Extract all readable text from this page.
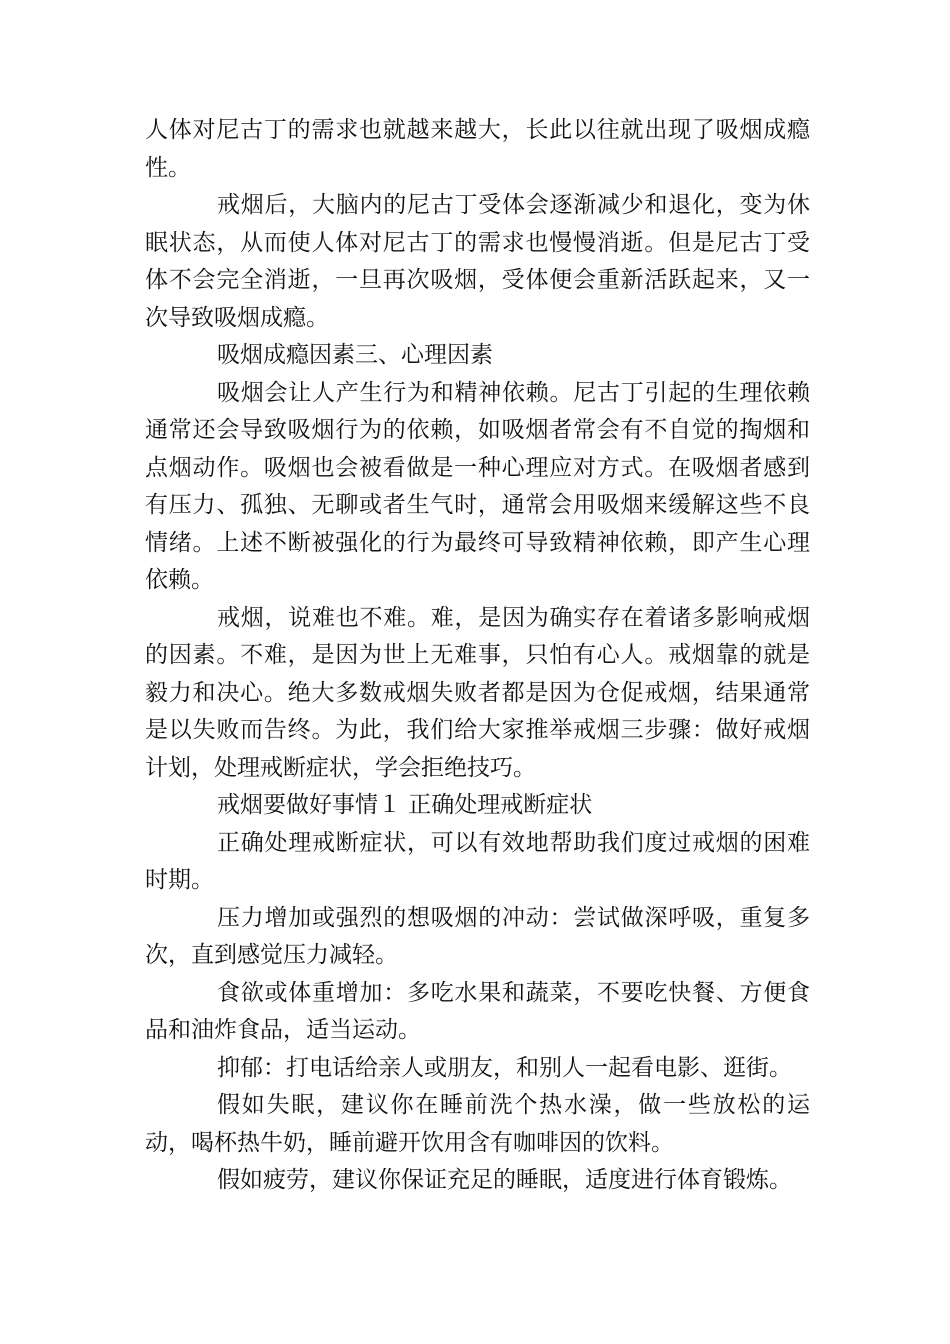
人体对尼古丁的需求也就越来越大，长此以往就出现了吸烟成瘾性。

戒烟后，大脑内的尼古丁受体会逐渐减少和退化，变为休眠状态，从而使人体对尼古丁的需求也慢慢消逝。但是尼古丁受体不会完全消逝，一旦再次吸烟，受体便会重新活跃起来，又一次导致吸烟成瘾。

吸烟成瘾因素三、心理因素

吸烟会让人产生行为和精神依赖。尼古丁引起的生理依赖通常还会导致吸烟行为的依赖，如吸烟者常会有不自觉的掏烟和点烟动作。吸烟也会被看做是一种心理应对方式。在吸烟者感到有压力、孤独、无聊或者生气时，通常会用吸烟来缓解这些不良情绪。上述不断被强化的行为最终可导致精神依赖，即产生心理依赖。

戒烟，说难也不难。难，是因为确实存在着诸多影响戒烟的因素。不难，是因为世上无难事，只怕有心人。戒烟靠的就是毅力和决心。绝大多数戒烟失败者都是因为仓促戒烟，结果通常是以失败而告终。为此，我们给大家推举戒烟三步骤：做好戒烟计划，处理戒断症状，学会拒绝技巧。

戒烟要做好事情１ 正确处理戒断症状

正确处理戒断症状，可以有效地帮助我们度过戒烟的困难时期。

压力增加或强烈的想吸烟的冲动：尝试做深呼吸，重复多次，直到感觉压力减轻。

食欲或体重增加：多吃水果和蔬菜，不要吃快餐、方便食品和油炸食品，适当运动。

抑郁：打电话给亲人或朋友，和别人一起看电影、逛街。

假如失眠，建议你在睡前洗个热水澡，做一些放松的运动，喝杯热牛奶，睡前避开饮用含有咖啡因的饮料。

假如疲劳，建议你保证充足的睡眠，适度进行体育锻炼。
